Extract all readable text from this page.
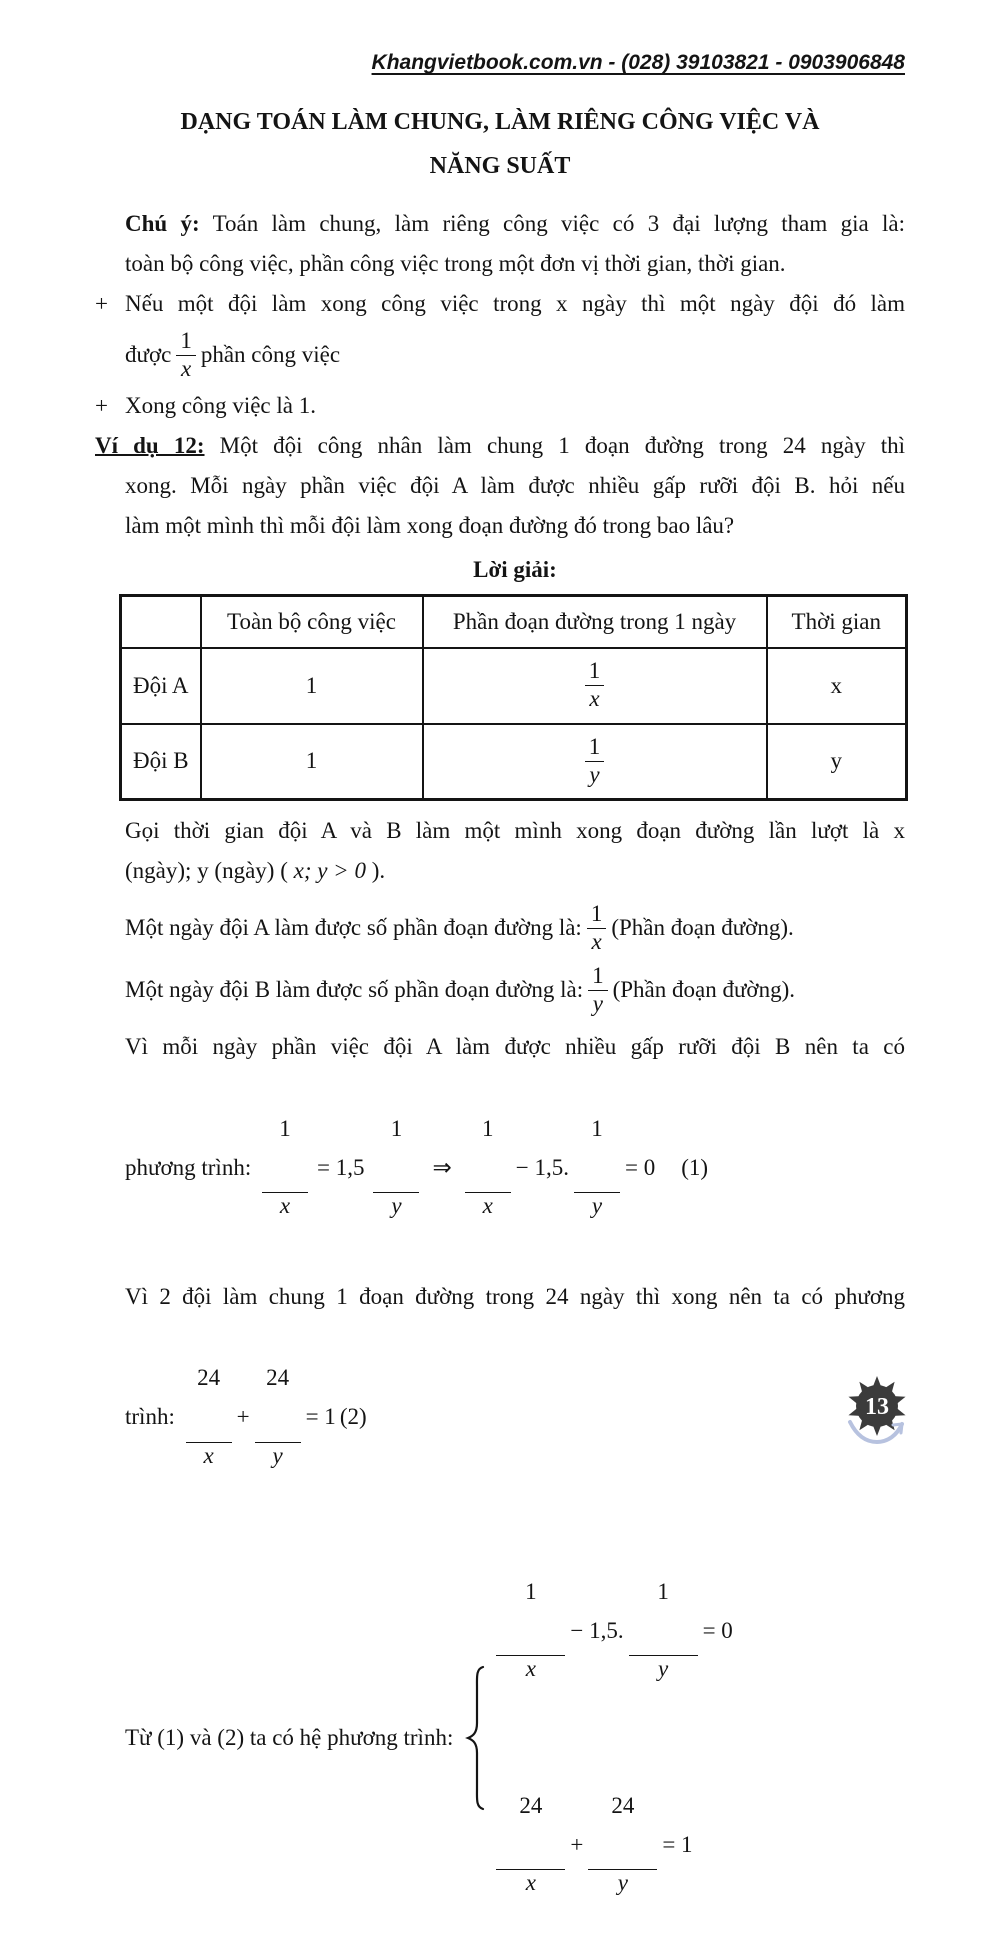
Khangvietbook.com.vn - (028) 39103821 - 0903906848
DẠNG TOÁN LÀM CHUNG, LÀM RIÊNG CÔNG VIỆC VÀ
NĂNG SUẤT
Chú ý: Toán làm chung, làm riêng công việc có 3 đại lượng tham gia là:
toàn bộ công việc, phần công việc trong một đơn vị thời gian, thời gian.
+ Nếu một đội làm xong công việc trong x ngày thì một ngày đội đó làm
được $\frac{1}{x}$ phần công việc
+ Xong công việc là 1.
Ví dụ 12: Một đội công nhân làm chung 1 đoạn đường trong 24 ngày thì
xong. Mỗi ngày phần việc đội A làm được nhiều gấp rưỡi đội B. hỏi nếu
làm một mình thì mỗi đội làm xong đoạn đường đó trong bao lâu?
Lời giải:
	Toàn bộ công việc	Phần đoạn đường trong 1 ngày	Thời gian
Đội A	1	$\frac{1}{x}$	x
Đội B	1	$\frac{1}{y}$	y
Gọi thời gian đội A và B làm một mình xong đoạn đường lần lượt là x
(ngày); y (ngày) ( x; y > 0 ).
Một ngày đội A làm được số phần đoạn đường là: $\frac{1}{x}$ (Phần đoạn đường).
Một ngày đội B làm được số phần đoạn đường là: $\frac{1}{y}$ (Phần đoạn đường).
Vì mỗi ngày phần việc đội A làm được nhiều gấp rưỡi đội B nên ta có
phương trình:

$\frac{1}{x}$

= 1,5

$\frac{1}{y}$

⇒

$\frac{1}{x}$

− 1,5.

$\frac{1}{y}$

= 0 (1)
Vì 2 đội làm chung 1 đoạn đường trong 24 ngày thì xong nên ta có phương
trình:

$\frac{24}{x}$

+

$\frac{24}{y}$

= 1 (2)
Từ (1) và (2) ta có hệ phương trình:

$\frac{1}{x}$

− 1,5.

$\frac{1}{y}$

= 0

$\frac{24}{x}$

+

$\frac{24}{y}$

= 1
13
